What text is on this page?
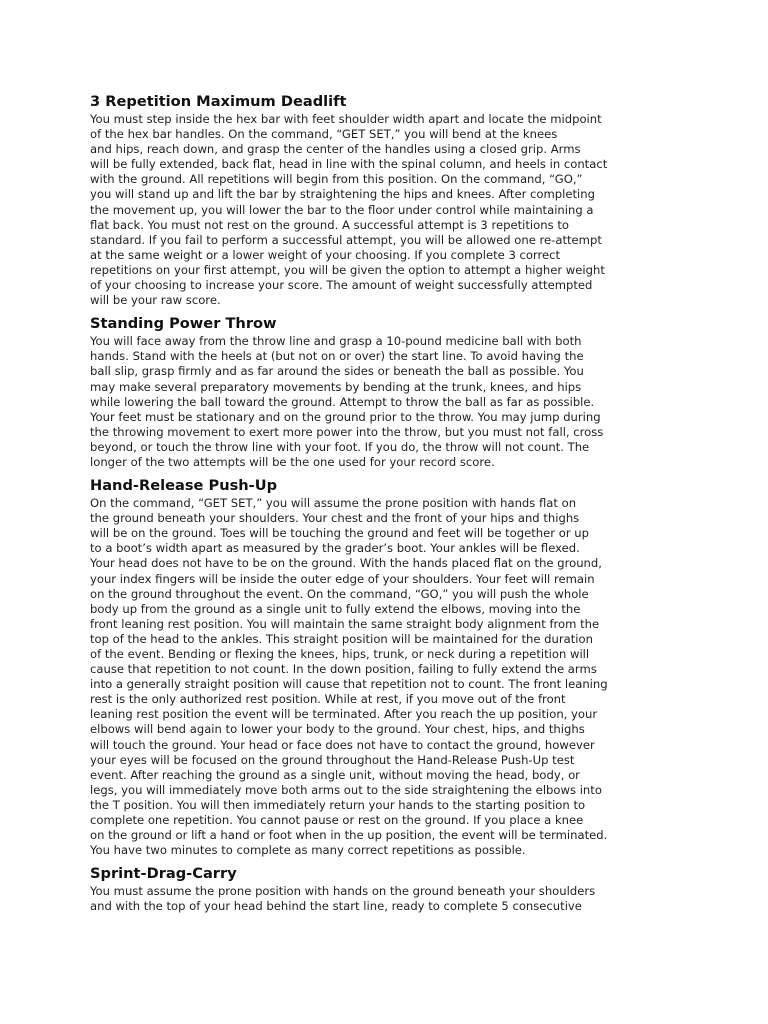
3 Repetition Maximum Deadlift
You must step inside the hex bar with feet shoulder width apart and locate the midpoint
of the hex bar handles. On the command, “GET SET,” you will bend at the knees
and hips, reach down, and grasp the center of the handles using a closed grip. Arms
will be fully extended, back flat, head in line with the spinal column, and heels in contact
with the ground. All repetitions will begin from this position. On the command, “GO,”
you will stand up and lift the bar by straightening the hips and knees. After completing
the movement up, you will lower the bar to the floor under control while maintaining a
flat back. You must not rest on the ground. A successful attempt is 3 repetitions to
standard. If you fail to perform a successful attempt, you will be allowed one re-attempt
at the same weight or a lower weight of your choosing. If you complete 3 correct
repetitions on your first attempt, you will be given the option to attempt a higher weight
of your choosing to increase your score. The amount of weight successfully attempted
will be your raw score.
Standing Power Throw
You will face away from the throw line and grasp a 10-pound medicine ball with both
hands. Stand with the heels at (but not on or over) the start line. To avoid having the
ball slip, grasp firmly and as far around the sides or beneath the ball as possible. You
may make several preparatory movements by bending at the trunk, knees, and hips
while lowering the ball toward the ground. Attempt to throw the ball as far as possible.
Your feet must be stationary and on the ground prior to the throw. You may jump during
the throwing movement to exert more power into the throw, but you must not fall, cross
beyond, or touch the throw line with your foot. If you do, the throw will not count. The
longer of the two attempts will be the one used for your record score.
Hand-Release Push-Up
On the command, “GET SET,” you will assume the prone position with hands flat on
the ground beneath your shoulders. Your chest and the front of your hips and thighs
will be on the ground. Toes will be touching the ground and feet will be together or up
to a boot’s width apart as measured by the grader’s boot. Your ankles will be flexed.
Your head does not have to be on the ground. With the hands placed flat on the ground,
your index fingers will be inside the outer edge of your shoulders. Your feet will remain
on the ground throughout the event. On the command, “GO,” you will push the whole
body up from the ground as a single unit to fully extend the elbows, moving into the
front leaning rest position. You will maintain the same straight body alignment from the
top of the head to the ankles. This straight position will be maintained for the duration
of the event. Bending or flexing the knees, hips, trunk, or neck during a repetition will
cause that repetition to not count. In the down position, failing to fully extend the arms
into a generally straight position will cause that repetition not to count. The front leaning
rest is the only authorized rest position. While at rest, if you move out of the front
leaning rest position the event will be terminated. After you reach the up position, your
elbows will bend again to lower your body to the ground. Your chest, hips, and thighs
will touch the ground. Your head or face does not have to contact the ground, however
your eyes will be focused on the ground throughout the Hand-Release Push-Up test
event. After reaching the ground as a single unit, without moving the head, body, or
legs, you will immediately move both arms out to the side straightening the elbows into
the T position. You will then immediately return your hands to the starting position to
complete one repetition. You cannot pause or rest on the ground. If you place a knee
on the ground or lift a hand or foot when in the up position, the event will be terminated.
You have two minutes to complete as many correct repetitions as possible.
Sprint-Drag-Carry
You must assume the prone position with hands on the ground beneath your shoulders
and with the top of your head behind the start line, ready to complete 5 consecutive
